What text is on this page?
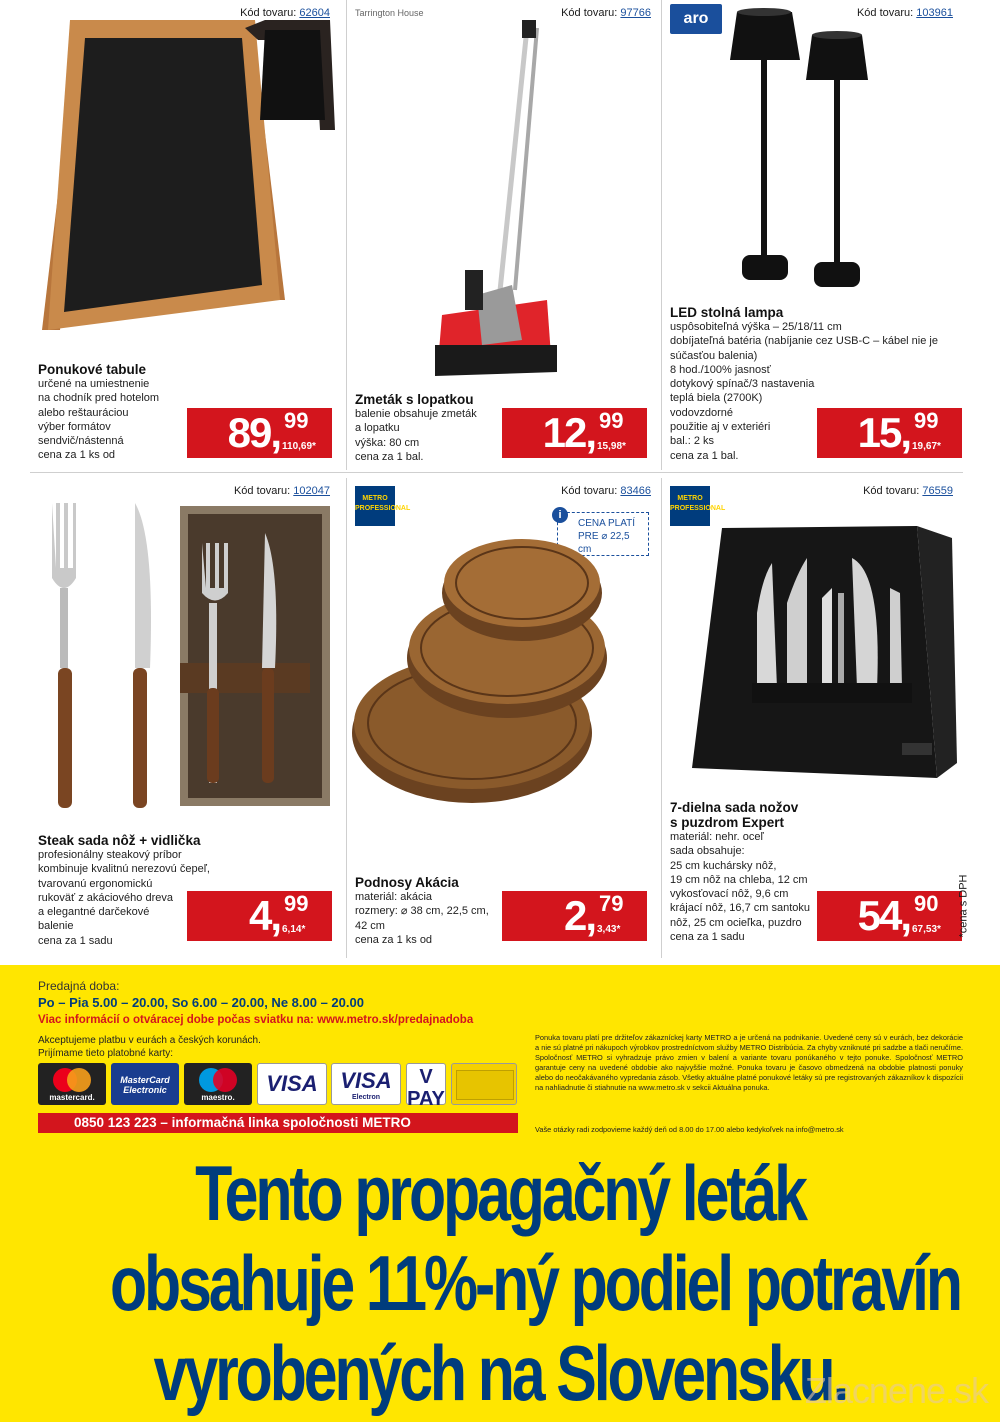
Kód tovaru: 62604
Ponukové tabule
určené na umiestnenie
na chodník pred hotelom
alebo reštauráciou
výber formátov
sendvič/nástenná
cena za 1 ks od	89, 99
110,69*
Tarrington House	Kód tovaru: 97766
Zmeták s lopatkou
balenie obsahuje zmeták
a lopatku
výška: 80 cm
cena za 1 bal.
12, 99
15,98*
aro	Kód tovaru: 103961
LED stolná lampa
uspôsobiteľná výška – 25/18/11 cm
dobíjateľná batéria (nabíjanie cez USB-C – kábel nie je
súčasťou balenia)
8 hod./100% jasnosť
dotykový spínač/3 nastavenia
teplá biela (2700K)
vodovzdorné
použitie aj v exteriéri
bal.: 2 ks
cena za 1 bal.	15, 99
19,67*
Kód tovaru: 102047
Steak sada nôž + vidlička
profesionálny steakový príbor
kombinuje kvalitnú nerezovú čepeľ,
tvarovanú ergonomickú
rukoväť z akáciového dreva
a elegantné darčekové
balenie
cena za 1 sadu
4, 99
6,14*
METRO PROFESSIONAL
Kód tovaru: 83466
i
CENA PLATÍ
PRE ⌀ 22,5 cm
Podnosy Akácia
materiál: akácia
rozmery: ⌀ 38 cm, 22,5 cm,
42 cm
cena za 1 ks od
2, 79
3,43*
METRO PROFESSIONAL
Kód tovaru: 76559
7-dielna sada nožov
s puzdrom Expert
materiál: nehr. oceľ
sada obsahuje:
25 cm kuchársky nôž,
19 cm nôž na chleba, 12 cm
vykosťovací nôž, 9,6 cm
krájací nôž, 16,7 cm santoku
nôž, 25 cm ocieľka, puzdro
cena za 1 sadu	54, 90
67,53* *cena s DPH
Predajná doba:
Po – Pia 5.00 – 20.00, So 6.00 – 20.00, Ne 8.00 – 20.00
Viac informácií o otváracej dobe počas sviatku na: www.metro.sk/predajnadoba
Akceptujeme platbu v eurách a českých korunách.
Prijímame tieto platobné karty:
mastercard.
MasterCard Electronic
maestro.
VISA	VISA
Electron
V PAY
0850 123 223 – informačná linka spoločnosti METRO
Ponuka tovaru platí pre držiteľov zákazníckej karty METRO a je určená na podnikanie. Uvedené ceny sú v eurách, bez dekorácie a nie sú platné pri nákupoch výrobkov prostredníctvom služby METRO Distribúcia. Za chyby vzniknuté pri sadzbe a tlači neručíme. Spoločnosť METRO si vyhradzuje právo zmien v balení a variante tovaru ponúkaného v tejto ponuke. Spoločnosť METRO garantuje ceny na uvedené obdobie ako najvyššie možné. Ponuka tovaru je časovo obmedzená na obdobie platnosti ponuky alebo do neočakávaného vypredania zásob. Všetky aktuálne platné ponukové letáky sú pre registrovaných zákazníkov k dispozícii na nahliadnutie či stiahnutie na www.metro.sk v sekcii Aktuálna ponuka.
Vaše otázky radi zodpovieme každý deň od 8.00 do 17.00 alebo kedykoľvek na info@metro.sk
Tento propagačný leták
obsahuje 11%-ný podiel potravín
vyrobených na Slovensku.
Zlacnene.sk
